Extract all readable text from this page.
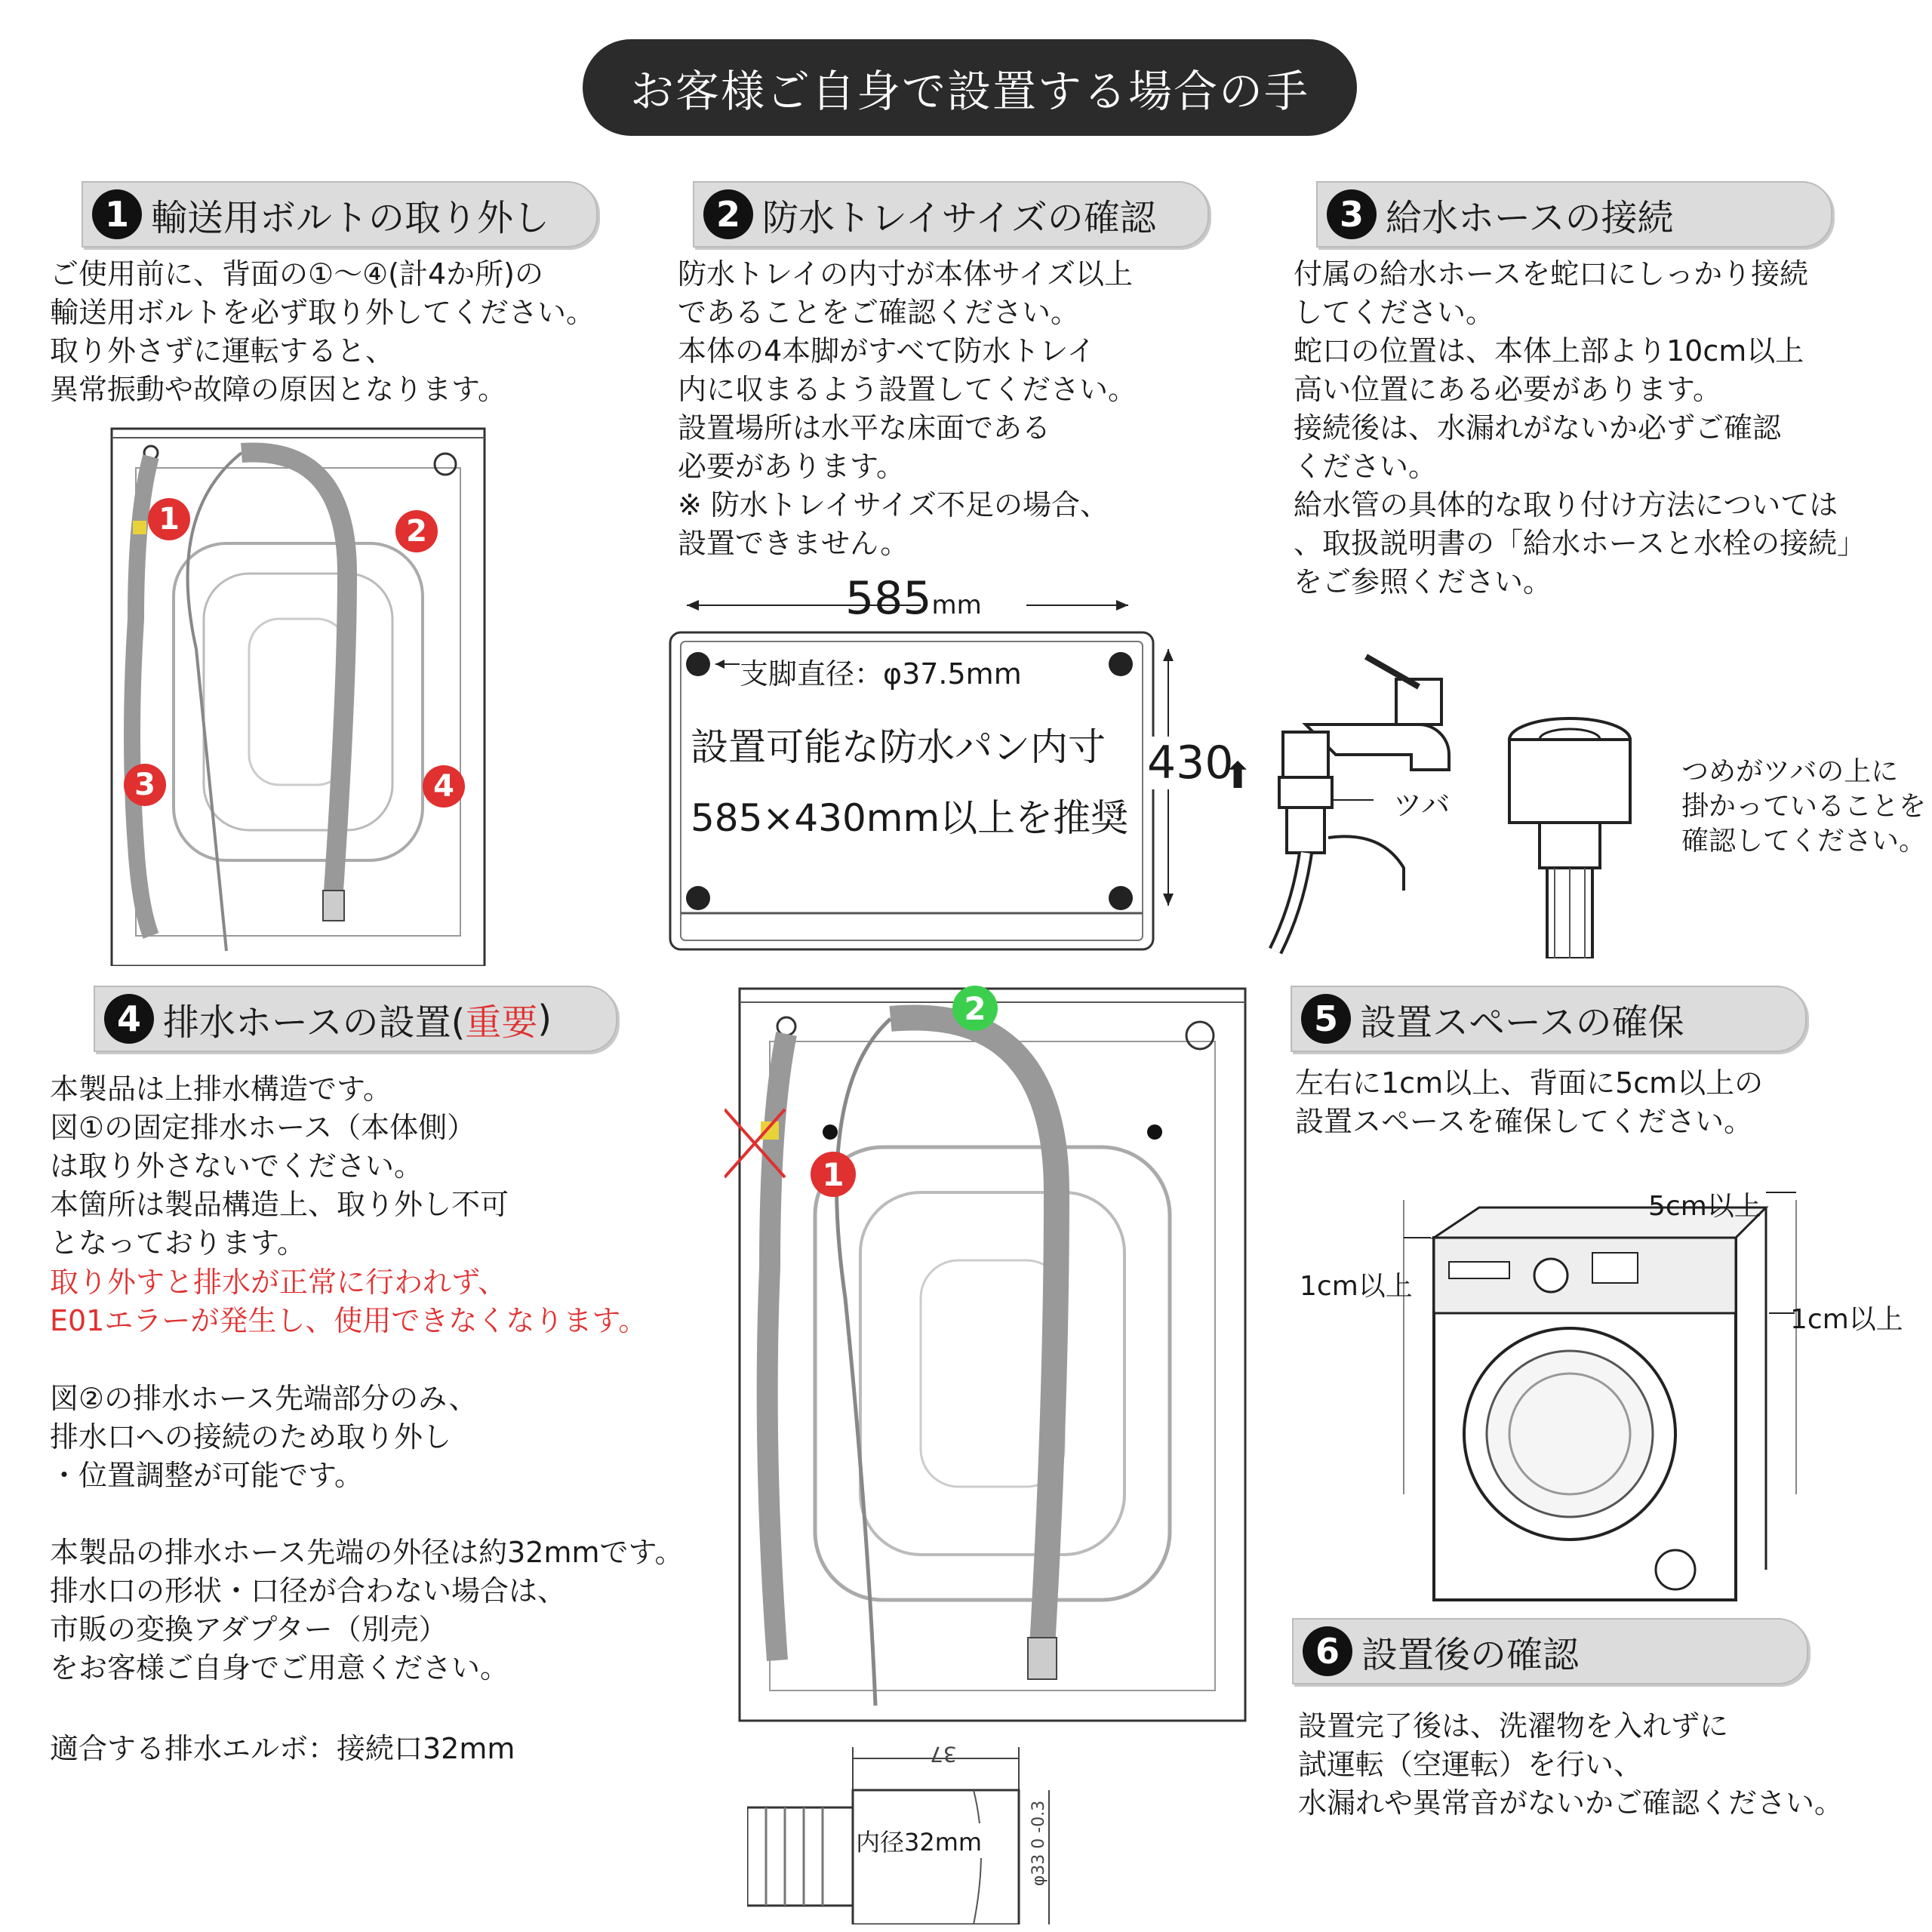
お客様ご自身で設置する場合の手
1 輸送用ボルトの取り外し
ご使用前に、背面の①～④(計4か所)の
輸送用ボルトを必ず取り外してください。
取り外さずに運転すると、
異常振動や故障の原因となります。
1	2
3	4
2 防水トレイサイズの確認
防水トレイの内寸が本体サイズ以上
であることをご確認ください。
本体の4本脚がすべて防水トレイ
内に収まるよう設置してください。
設置場所は水平な床面である
必要があります。
※ 防水トレイサイズ不足の場合、
設置できません。
585mm
430
⬆
支脚直径：φ37.5mm
設置可能な防水パン内寸
585×430mm以上を推奨
3 給水ホースの接続
付属の給水ホースを蛇口にしっかり接続
してください。
蛇口の位置は、本体上部より10cm以上
高い位置にある必要があります。
接続後は、水漏れがないか必ずご確認
ください。
給水管の具体的な取り付け方法については
、取扱説明書の「給水ホースと水栓の接続」
をご参照ください。
ツバ
つめがツバの上に
掛かっていることを
確認してください。
4 排水ホースの設置( 重要 )
本製品は上排水構造です。
図①の固定排水ホース（本体側）
は取り外さないでください。
本箇所は製品構造上、取り外し不可
となっております。
取り外すと排水が正常に行われず、
E01エラーが発生し、使用できなくなります。
図②の排水ホース先端部分のみ、
排水口への接続のため取り外し
・位置調整が可能です。
本製品の排水ホース先端の外径は約32mmです。
排水口の形状・口径が合わない場合は、
市販の変換アダプター（別売）
をお客様ご自身でご用意ください。
適合する排水エルボ：接続口32mm
1
2
37
内径32mm	φ33 0 -0.3
5 設置スペースの確保
左右に1cm以上、背面に5cm以上の
設置スペースを確保してください。
5cm以上
1cm以上
1cm以上
6 設置後の確認
設置完了後は、洗濯物を入れずに
試運転（空運転）を行い、
水漏れや異常音がないかご確認ください。
